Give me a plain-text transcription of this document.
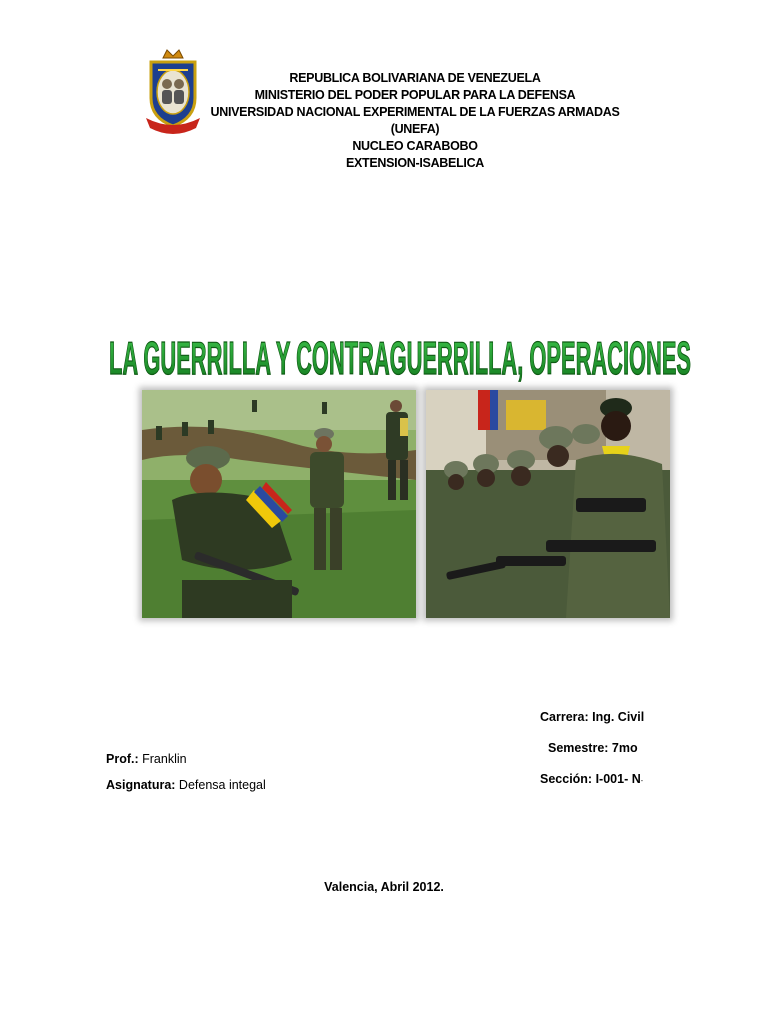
REPUBLICA BOLIVARIANA DE VENEZUELA
MINISTERIO DEL PODER POPULAR PARA LA DEFENSA
UNIVERSIDAD NACIONAL EXPERIMENTAL DE LA FUERZAS ARMADAS
(UNEFA)
NUCLEO CARABOBO
EXTENSION-ISABELICA
LA GUERRILLA Y CONTRAGUERRILLA, OPERACIONES
Prof.: Franklin
Asignatura: Defensa integal
Carrera: Ing. Civil
Semestre: 7mo
Sección: I-001- N-
Valencia, Abril 2012.
